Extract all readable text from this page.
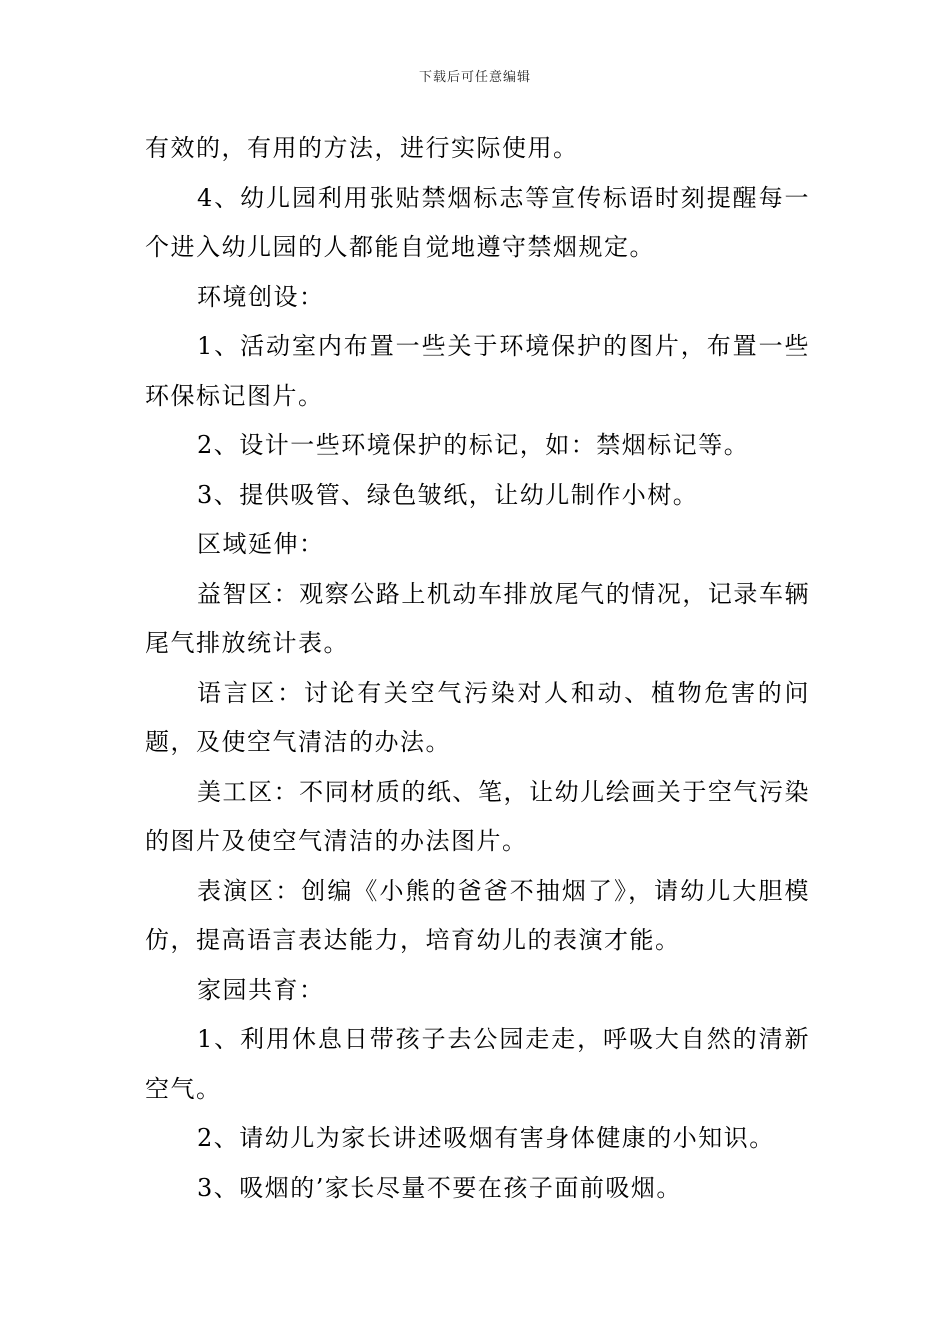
下载后可任意编辑

有效的，有用的方法，进行实际使用。

4、幼儿园利用张贴禁烟标志等宣传标语时刻提醒每一个进入幼儿园的人都能自觉地遵守禁烟规定。

环境创设：

1、活动室内布置一些关于环境保护的图片，布置一些环保标记图片。

2、设计一些环境保护的标记，如：禁烟标记等。

3、提供吸管、绿色皱纸，让幼儿制作小树。

区域延伸：

益智区：观察公路上机动车排放尾气的情况，记录车辆尾气排放统计表。

语言区：讨论有关空气污染对人和动、植物危害的问题，及使空气清洁的办法。

美工区：不同材质的纸、笔，让幼儿绘画关于空气污染的图片及使空气清洁的办法图片。

表演区：创编《小熊的爸爸不抽烟了》，请幼儿大胆模仿，提高语言表达能力，培育幼儿的表演才能。

家园共育：

1、利用休息日带孩子去公园走走，呼吸大自然的清新空气。

2、请幼儿为家长讲述吸烟有害身体健康的小知识。

3、吸烟的’家长尽量不要在孩子面前吸烟。
